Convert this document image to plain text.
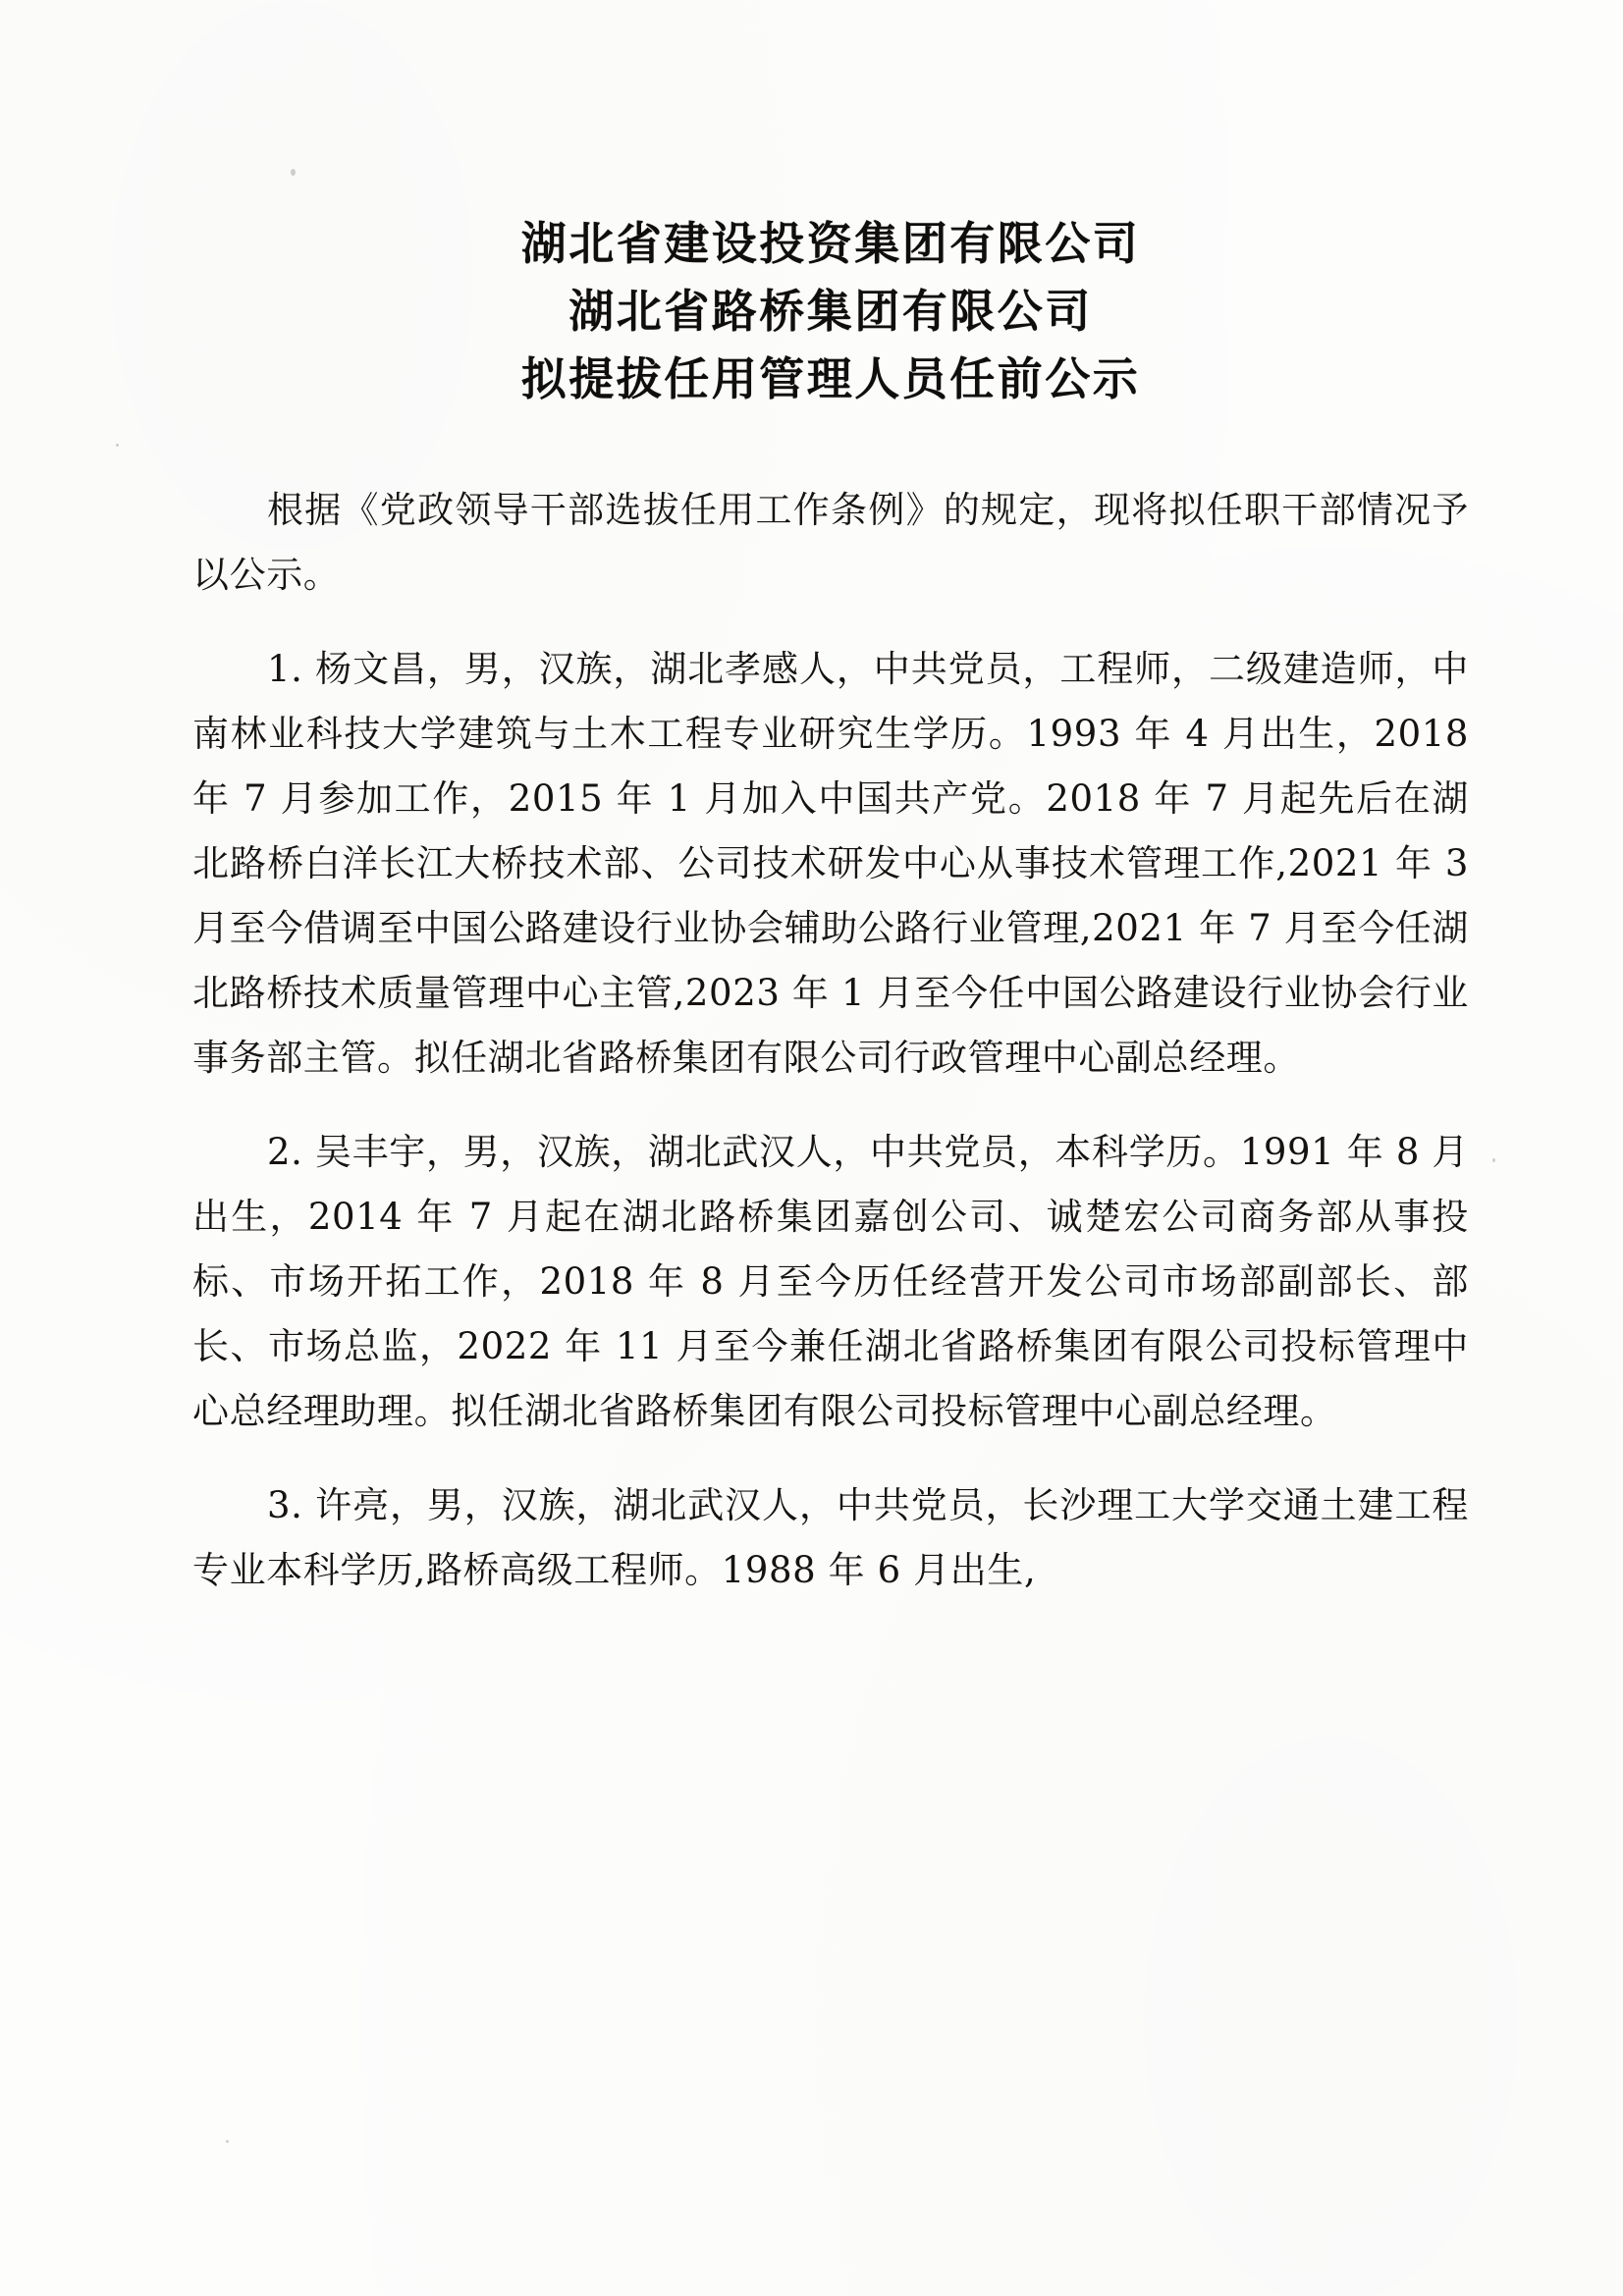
湖北省建设投资集团有限公司
湖北省路桥集团有限公司
拟提拔任用管理人员任前公示

根据《党政领导干部选拔任用工作条例》的规定，现将拟任职干部情况予以公示。

1. 杨文昌，男，汉族，湖北孝感人，中共党员，工程师，二级建造师，中南林业科技大学建筑与土木工程专业研究生学历。1993 年 4 月出生，2018 年 7 月参加工作，2015 年 1 月加入中国共产党。2018 年 7 月起先后在湖北路桥白洋长江大桥技术部、公司技术研发中心从事技术管理工作,2021 年 3 月至今借调至中国公路建设行业协会辅助公路行业管理,2021 年 7 月至今任湖北路桥技术质量管理中心主管,2023 年 1 月至今任中国公路建设行业协会行业事务部主管。拟任湖北省路桥集团有限公司行政管理中心副总经理。

2. 吴丰宇，男，汉族，湖北武汉人，中共党员，本科学历。1991 年 8 月出生，2014 年 7 月起在湖北路桥集团嘉创公司、诚楚宏公司商务部从事投标、市场开拓工作，2018 年 8 月至今历任经营开发公司市场部副部长、部长、市场总监，2022 年 11 月至今兼任湖北省路桥集团有限公司投标管理中心总经理助理。拟任湖北省路桥集团有限公司投标管理中心副总经理。

3. 许亮，男，汉族，湖北武汉人，中共党员，长沙理工大学交通土建工程专业本科学历,路桥高级工程师。1988 年 6 月出生,
